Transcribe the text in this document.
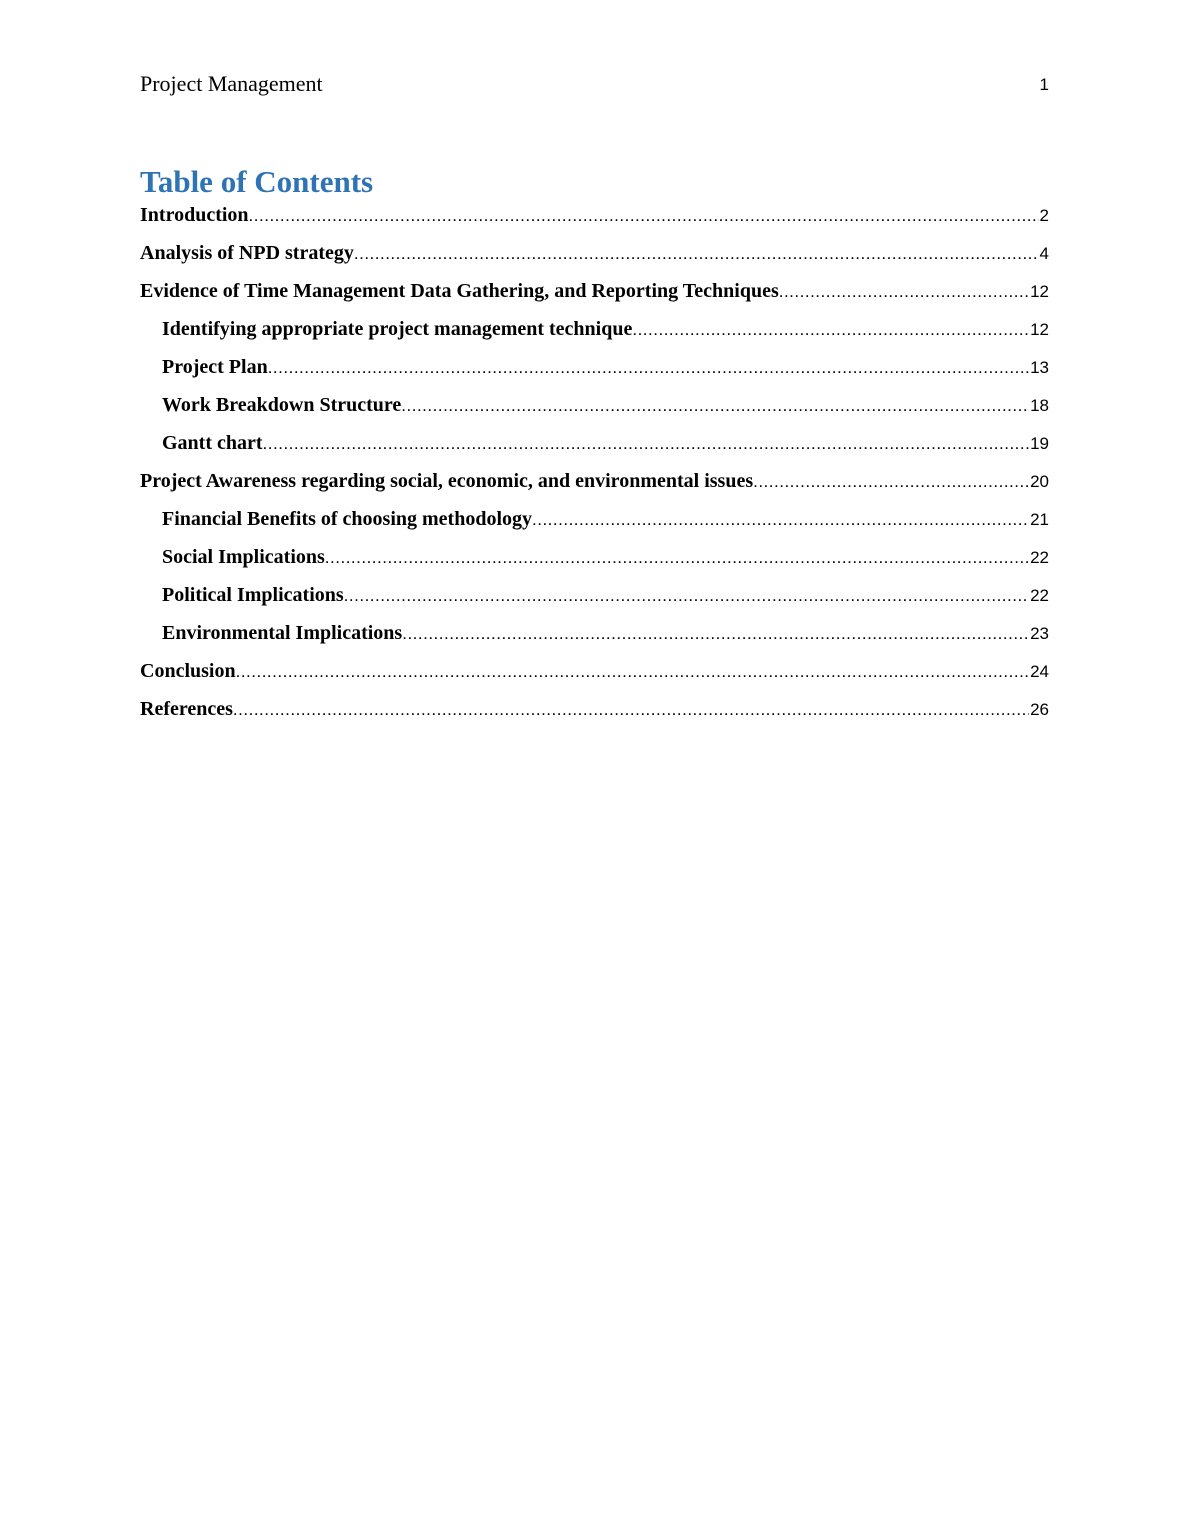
Project Management	1
Table of Contents
Introduction .....	2
Analysis of NPD strategy .....	4
Evidence of Time Management Data Gathering, and Reporting Techniques .....	12
Identifying appropriate project management technique .....	12
Project Plan .....	13
Work Breakdown Structure .....	18
Gantt chart .....	19
Project Awareness regarding social, economic, and environmental issues .....	20
Financial Benefits of choosing methodology .....	21
Social Implications .....	22
Political Implications .....	22
Environmental Implications .....	23
Conclusion .....	24
References .....	26
